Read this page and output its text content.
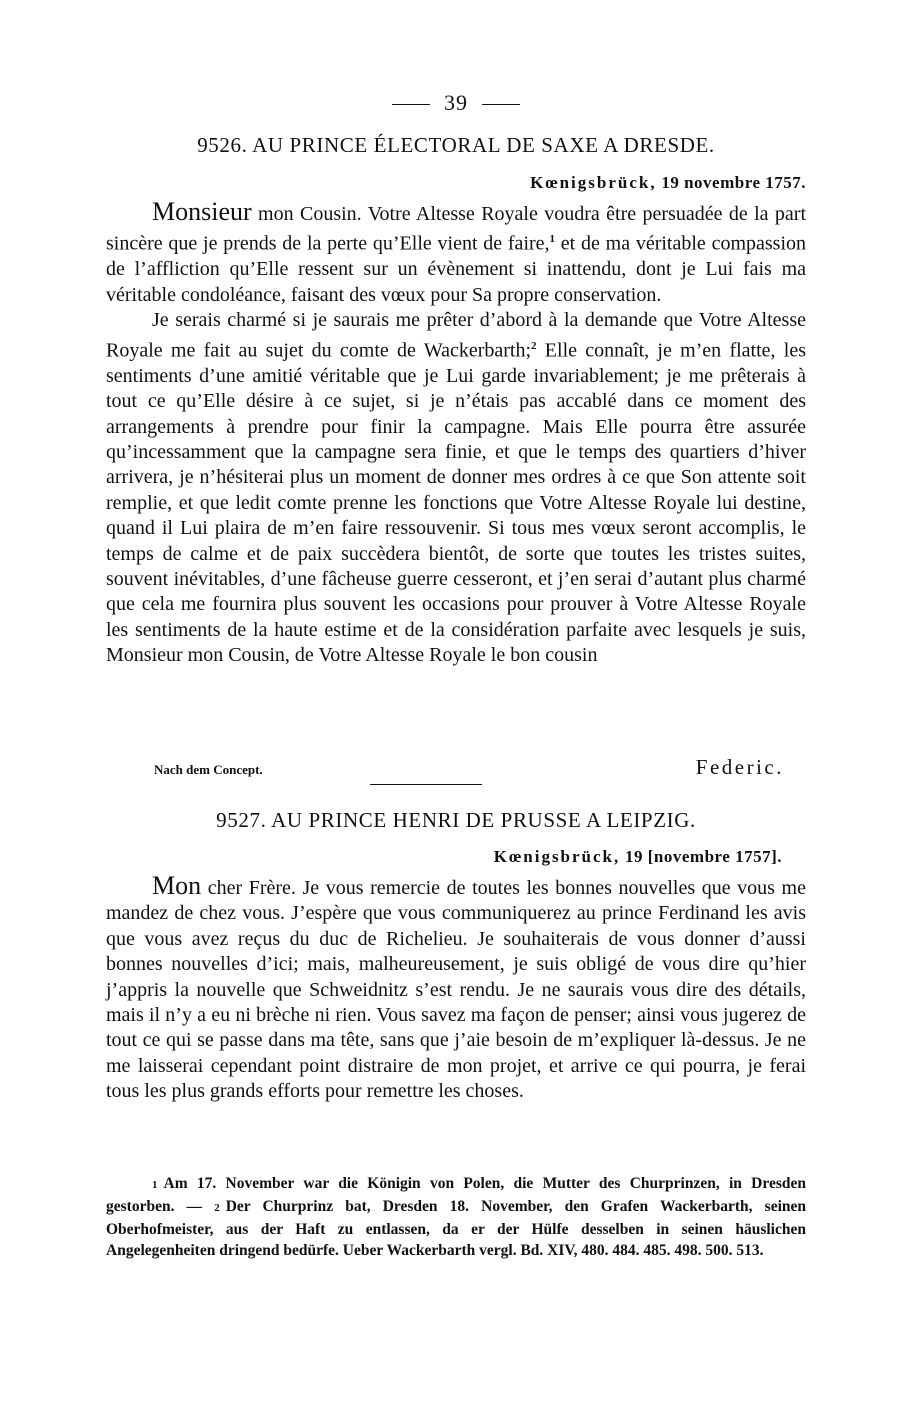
39
9526. AU PRINCE ÉLECTORAL DE SAXE A DRESDE.
Kœnigsbrück, 19 novembre 1757.

Monsieur mon Cousin. Votre Altesse Royale voudra être persuadée de la part sincère que je prends de la perte qu’Elle vient de faire,$^1$ et de ma véritable compassion de l’affliction qu’Elle ressent sur un évènement si inattendu, dont je Lui fais ma véritable condoléance, faisant des vœux pour Sa propre conservation.

Je serais charmé si je saurais me prêter d’abord à la demande que Votre Altesse Royale me fait au sujet du comte de Wackerbarth;$^2$ Elle connaît, je m’en flatte, les sentiments d’une amitié véritable que je Lui garde invariablement; je me prêterais à tout ce qu’Elle désire à ce sujet, si je n’étais pas accablé dans ce moment des arrangements à prendre pour finir la campagne. Mais Elle pourra être assurée qu’incessamment que la campagne sera finie, et que le temps des quartiers d’hiver arrivera, je n’hésiterai plus un moment de donner mes ordres à ce que Son attente soit remplie, et que ledit comte prenne les fonctions que Votre Altesse Royale lui destine, quand il Lui plaira de m’en faire ressouvenir. Si tous mes vœux seront accomplis, le temps de calme et de paix succèdera bientôt, de sorte que toutes les tristes suites, souvent inévitables, d’une fâcheuse guerre cesseront, et j’en serai d’autant plus charmé que cela me fournira plus souvent les occasions pour prouver à Votre Altesse Royale les sentiments de la haute estime et de la considération parfaite avec lesquels je suis, Monsieur mon Cousin, de Votre Altesse Royale le bon cousin

Nach dem Concept.	Federic.
9527. AU PRINCE HENRI DE PRUSSE A LEIPZIG.
Kœnigsbrück, 19 [novembre 1757].

Mon cher Frère. Je vous remercie de toutes les bonnes nouvelles que vous me mandez de chez vous. J’espère que vous communiquerez au prince Ferdinand les avis que vous avez reçus du duc de Richelieu. Je souhaiterais de vous donner d’aussi bonnes nouvelles d’ici; mais, malheureusement, je suis obligé de vous dire qu’hier j’appris la nouvelle que Schweidnitz s’est rendu. Je ne saurais vous dire des détails, mais il n’y a eu ni brèche ni rien. Vous savez ma façon de penser; ainsi vous jugerez de tout ce qui se passe dans ma tête, sans que j’aie besoin de m’expliquer là-dessus. Je ne me laisserai cependant point distraire de mon projet, et arrive ce qui pourra, je ferai tous les plus grands efforts pour remettre les choses.

1 Am 17. November war die Königin von Polen, die Mutter des Churprinzen, in Dresden gestorben. — 2 Der Churprinz bat, Dresden 18. November, den Grafen Wackerbarth, seinen Oberhofmeister, aus der Haft zu entlassen, da er der Hülfe desselben in seinen häuslichen Angelegenheiten dringend bedürfe. Ueber Wackerbarth vergl. Bd. XIV, 480. 484. 485. 498. 500. 513.
